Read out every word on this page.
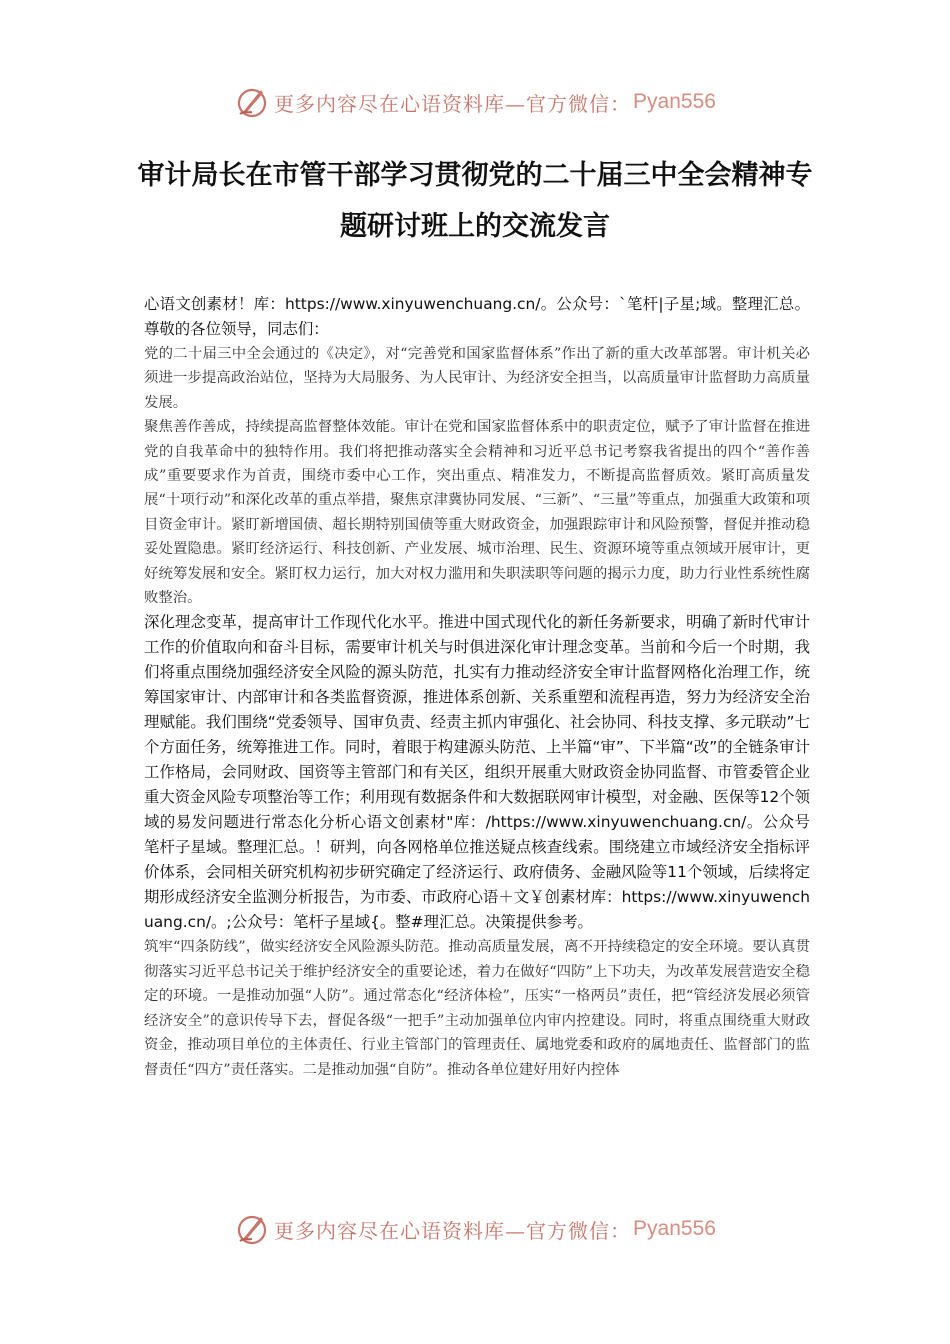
更多内容尽在心语资料库—官方微信： Pyan556
审计局长在市管干部学习贯彻党的二十届三中全会精神专题研讨班上的交流发言

心语文创素材！库：https://www.xinyuwenchuang.cn/。公众号：`笔杆|子星;域。整理汇总。尊敬的各位领导，同志们：

党的二十届三中全会通过的《决定》，对“完善党和国家监督体系”作出了新的重大改革部署。审计机关必须进一步提高政治站位，坚持为大局服务、为人民审计、为经济安全担当，以高质量审计监督助力高质量发展。

聚焦善作善成，持续提高监督整体效能。审计在党和国家监督体系中的职责定位，赋予了审计监督在推进党的自我革命中的独特作用。我们将把推动落实全会精神和习近平总书记考察我省提出的四个“善作善成”重要要求作为首责，围绕市委中心工作，突出重点、精准发力，不断提高监督质效。紧盯高质量发展“十项行动”和深化改革的重点举措，聚焦京津冀协同发展、“三新”、“三量”等重点，加强重大政策和项目资金审计。紧盯新增国债、超长期特别国债等重大财政资金，加强跟踪审计和风险预警，督促并推动稳妥处置隐患。紧盯经济运行、科技创新、产业发展、城市治理、民生、资源环境等重点领域开展审计，更好统筹发展和安全。紧盯权力运行，加大对权力滥用和失职渎职等问题的揭示力度，助力行业性系统性腐败整治。

深化理念变革，提高审计工作现代化水平。推进中国式现代化的新任务新要求，明确了新时代审计工作的价值取向和奋斗目标，需要审计机关与时俱进深化审计理念变革。当前和今后一个时期，我们将重点围绕加强经济安全风险的源头防范，扎实有力推动经济安全审计监督网格化治理工作，统筹国家审计、内部审计和各类监督资源，推进体系创新、关系重塑和流程再造，努力为经济安全治理赋能。我们围绕“党委领导、国审负责、经责主抓内审强化、社会协同、科技支撑、多元联动”七个方面任务，统筹推进工作。同时，着眼于构建源头防范、上半篇“审”、下半篇“改”的全链条审计工作格局，会同财政、国资等主管部门和有关区，组织开展重大财政资金协同监督、市管委管企业重大资金风险专项整治等工作；利用现有数据条件和大数据联网审计模型，对金融、医保等12个领域的易发问题进行常态化分析心语文创素材"库：/https://www.xinyuwenchuang.cn/。公众号笔杆子星域。整理汇总。！研判，向各网格单位推送疑点核查线索。围绕建立市域经济安全指标评价体系，会同相关研究机构初步研究确定了经济运行、政府债务、金融风险等11个领域，后续将定期形成经济安全监测分析报告，为市委、市政府心语＋文￥创素材库：https://www.xinyuwenchuang.cn/。;公众号：笔杆子星域{。整#理汇总。决策提供参考。

筑牢“四条防线”，做实经济安全风险源头防范。推动高质量发展，离不开持续稳定的安全环境。要认真贯彻落实习近平总书记关于维护经济安全的重要论述，着力在做好“四防”上下功夫，为改革发展营造安全稳定的环境。一是推动加强“人防”。通过常态化“经济体检”，压实“一格两员”责任，把“管经济发展必须管经济安全”的意识传导下去，督促各级“一把手”主动加强单位内审内控建设。同时，将重点围绕重大财政资金，推动项目单位的主体责任、行业主管部门的管理责任、属地党委和政府的属地责任、监督部门的监督责任“四方”责任落实。二是推动加强“自防”。推动各单位建好用好内控体

更多内容尽在心语资料库—官方微信： Pyan556
